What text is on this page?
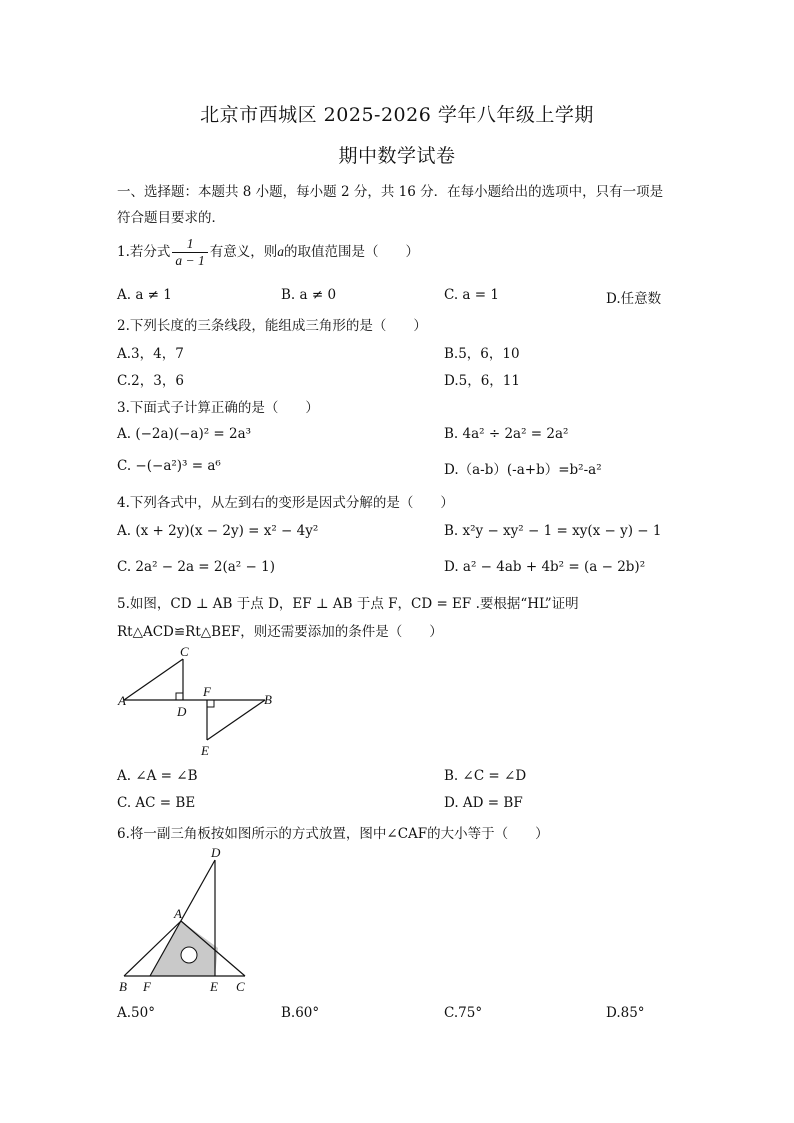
北京市西城区 2025-2026 学年八年级上学期
期中数学试卷
一、选择题：本题共 8 小题，每小题 2 分，共 16 分．在每小题给出的选项中，只有一项是
符合题目要求的．
1.若分式 $\frac{1}{a - 1}$ 有意义，则a的取值范围是（　　）
A. a ≠ 1	B. a ≠ 0	C. a = 1	D.任意数
2.下列长度的三条线段，能组成三角形的是（　　）
A.3，4，7	B.5，6，10
C.2，3，6	D.5，6，11
3.下面式子计算正确的是（　　）
A. (−2a)(−a)² = 2a³	B. 4a² ÷ 2a² = 2a²
C. −(−a²)³ = a⁶	D.（a-b）(-a+b）=b²-a²
4.下列各式中，从左到右的变形是因式分解的是（　　）
A. (x + 2y)(x − 2y) = x² − 4y²	B. x²y − xy² − 1 = xy(x − y) − 1
C. 2a² − 2a = 2(a² − 1)	D. a² − 4ab + 4b² = (a − 2b)²
5.如图，CD ⊥ AB 于点 D，EF ⊥ AB 于点 F，CD = EF .要根据“HL”证明
Rt△ACD≌Rt△BEF，则还需要添加的条件是（　　）
C
A
D
F
B
E
A. ∠A = ∠B	B. ∠C = ∠D
C. AC = BE	D. AD = BF
6.将一副三角板按如图所示的方式放置，图中∠CAF的大小等于（　　）
D
A
B F	E C
A.50°	B.60°	C.75°	D.85°
